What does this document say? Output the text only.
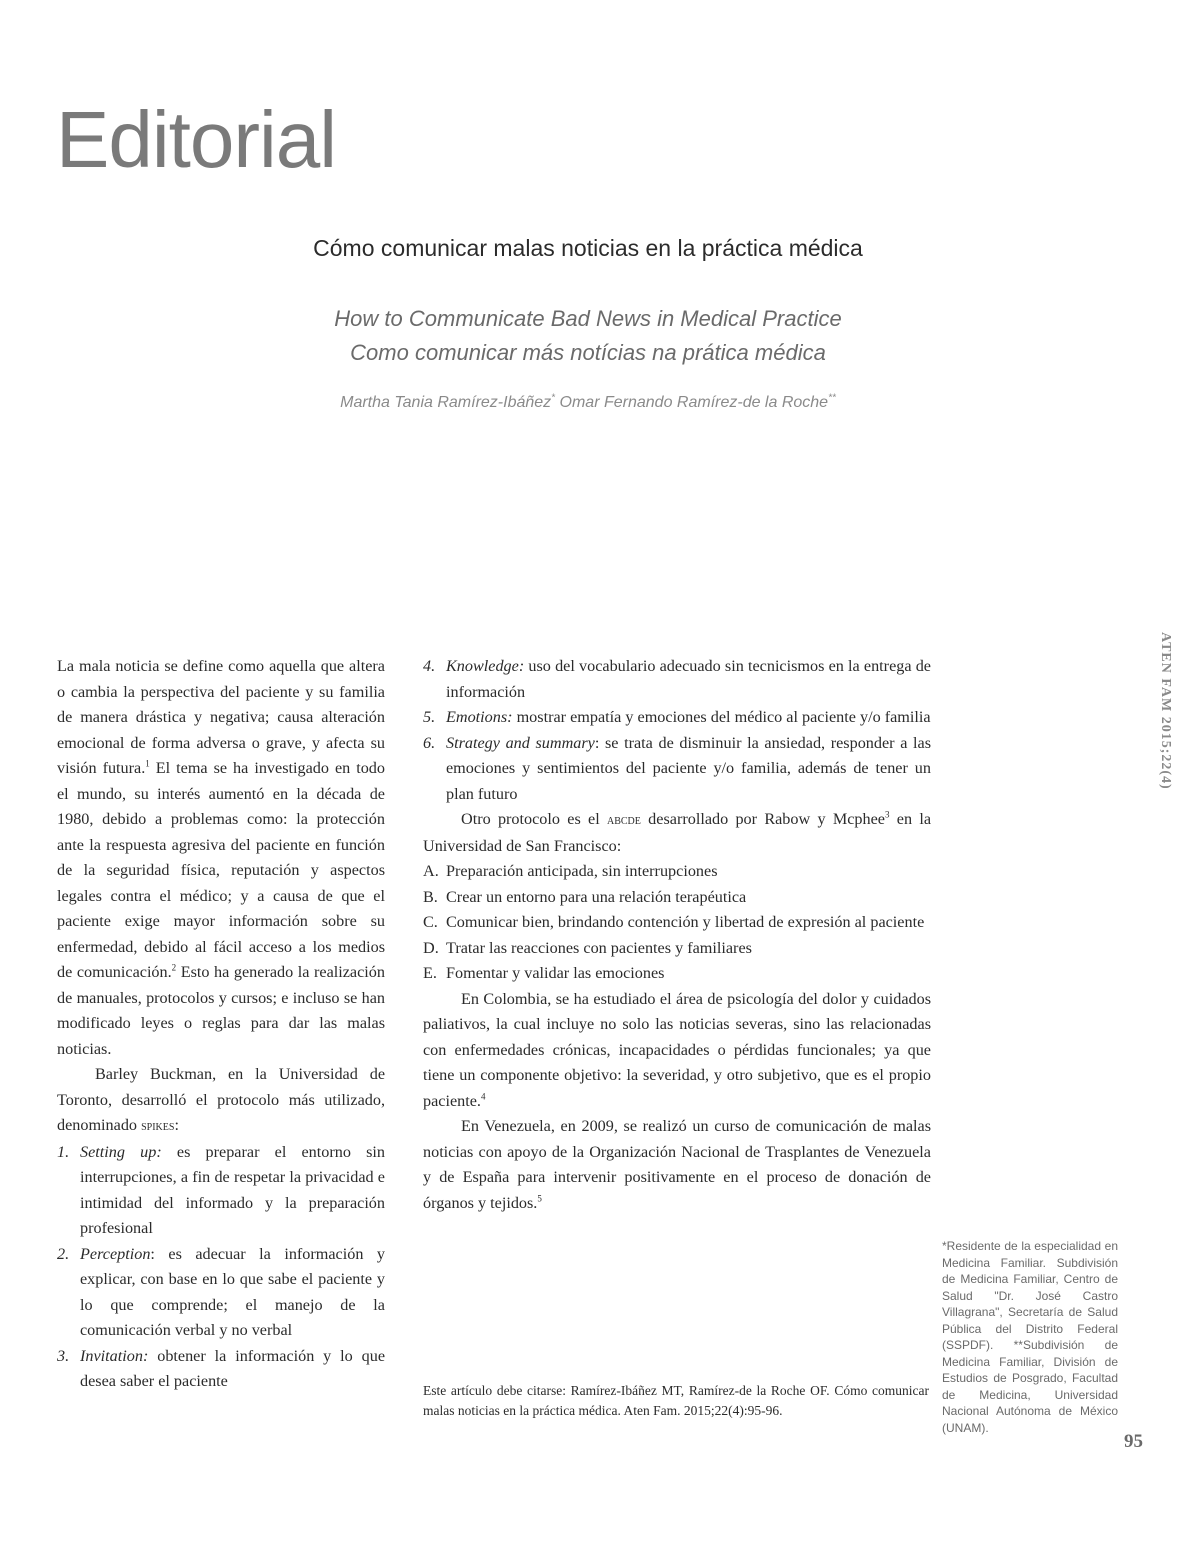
Editorial
Cómo comunicar malas noticias en la práctica médica
How to Communicate Bad News in Medical Practice
Como comunicar más notícias na prática médica
Martha Tania Ramírez-Ibáñez* Omar Fernando Ramírez-de la Roche**
ATEN FAM 2015;22(4)

La mala noticia se define como aquella que altera o cambia la perspectiva del paciente y su familia de manera drástica y negativa; causa alteración emocional de forma adversa o grave, y afecta su visión futura.$^1$ El tema se ha investigado en todo el mundo, su interés aumentó en la década de 1980, debido a problemas como: la protección ante la respuesta agresiva del paciente en función de la seguridad física, reputación y aspectos legales contra el médico; y a causa de que el paciente exige mayor información sobre su enfermedad, debido al fácil acceso a los medios de comunicación.$^2$ Esto ha generado la realización de manuales, protocolos y cursos; e incluso se han modificado leyes o reglas para dar las malas noticias.

Barley Buckman, en la Universidad de Toronto, desarrolló el protocolo más utilizado, denominado spikes:

1. Setting up: es preparar el entorno sin interrupciones, a fin de respetar la privacidad e intimidad del informado y la preparación profesional
2. Perception: es adecuar la información y explicar, con base en lo que sabe el paciente y lo que comprende; el manejo de la comunicación verbal y no verbal
3. Invitation: obtener la información y lo que desea saber el paciente
4. Knowledge: uso del vocabulario adecuado sin tecnicismos en la entrega de información
5. Emotions: mostrar empatía y emociones del médico al paciente y/o familia
6. Strategy and summary: se trata de disminuir la ansiedad, responder a las emociones y sentimientos del paciente y/o familia, además de tener un plan futuro

Otro protocolo es el abcde desarrollado por Rabow y Mcphee$^3$ en la Universidad de San Francisco:

A. Preparación anticipada, sin interrupciones
B. Crear un entorno para una relación terapéutica
C. Comunicar bien, brindando contención y libertad de expresión al paciente
D. Tratar las reacciones con pacientes y familiares
E. Fomentar y validar las emociones

En Colombia, se ha estudiado el área de psicología del dolor y cuidados paliativos, la cual incluye no solo las noticias severas, sino las relacionadas con enfermedades crónicas, incapacidades o pérdidas funcionales; ya que tiene un componente objetivo: la severidad, y otro subjetivo, que es el propio paciente.$^4$

En Venezuela, en 2009, se realizó un curso de comunicación de malas noticias con apoyo de la Organización Nacional de Trasplantes de Venezuela y de España para intervenir positivamente en el proceso de donación de órganos y tejidos.$^5$

Este artículo debe citarse: Ramírez-Ibáñez MT, Ramírez-de la Roche OF. Cómo comunicar malas noticias en la práctica médica. Aten Fam. 2015;22(4):95-96.
*Residente de la especialidad en Medicina Familiar. Subdivisión de Medicina Familiar, Centro de Salud "Dr. José Castro Villagrana", Secretaría de Salud Pública del Distrito Federal (SSPDF). **Subdivisión de Medicina Familiar, División de Estudios de Posgrado, Facultad de Medicina, Universidad Nacional Autónoma de México (UNAM).
95
